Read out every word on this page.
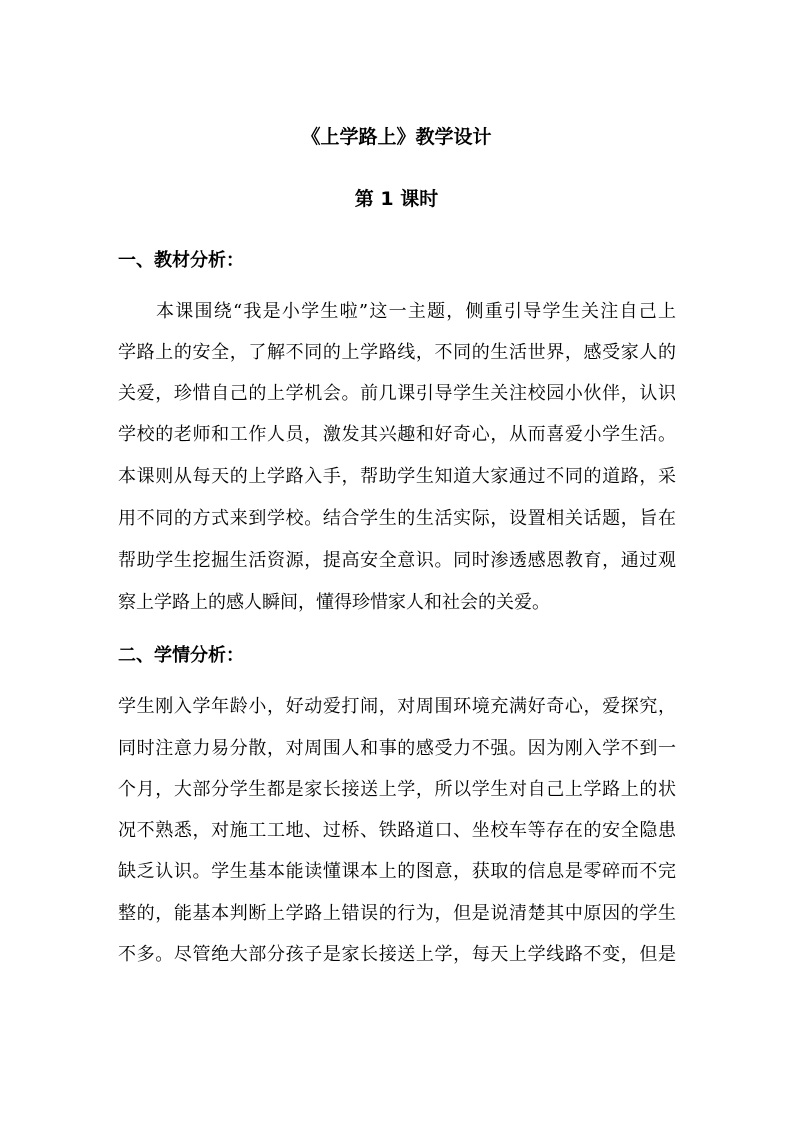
《上学路上》教学设计
第 1 课时
一、教材分析：
本课围绕“我是小学生啦”这一主题，侧重引导学生关注自己上
学路上的安全，了解不同的上学路线，不同的生活世界，感受家人的
关爱，珍惜自己的上学机会。前几课引导学生关注校园小伙伴，认识
学校的老师和工作人员，激发其兴趣和好奇心，从而喜爱小学生活。
本课则从每天的上学路入手，帮助学生知道大家通过不同的道路，采
用不同的方式来到学校。结合学生的生活实际，设置相关话题，旨在
帮助学生挖掘生活资源，提高安全意识。同时渗透感恩教育，通过观
察上学路上的感人瞬间，懂得珍惜家人和社会的关爱。
二、学情分析：
学生刚入学年龄小，好动爱打闹，对周围环境充满好奇心，爱探究，
同时注意力易分散，对周围人和事的感受力不强。因为刚入学不到一
个月，大部分学生都是家长接送上学，所以学生对自己上学路上的状
况不熟悉，对施工工地、过桥、铁路道口、坐校车等存在的安全隐患
缺乏认识。学生基本能读懂课本上的图意，获取的信息是零碎而不完
整的，能基本判断上学路上错误的行为，但是说清楚其中原因的学生
不多。尽管绝大部分孩子是家长接送上学，每天上学线路不变，但是
